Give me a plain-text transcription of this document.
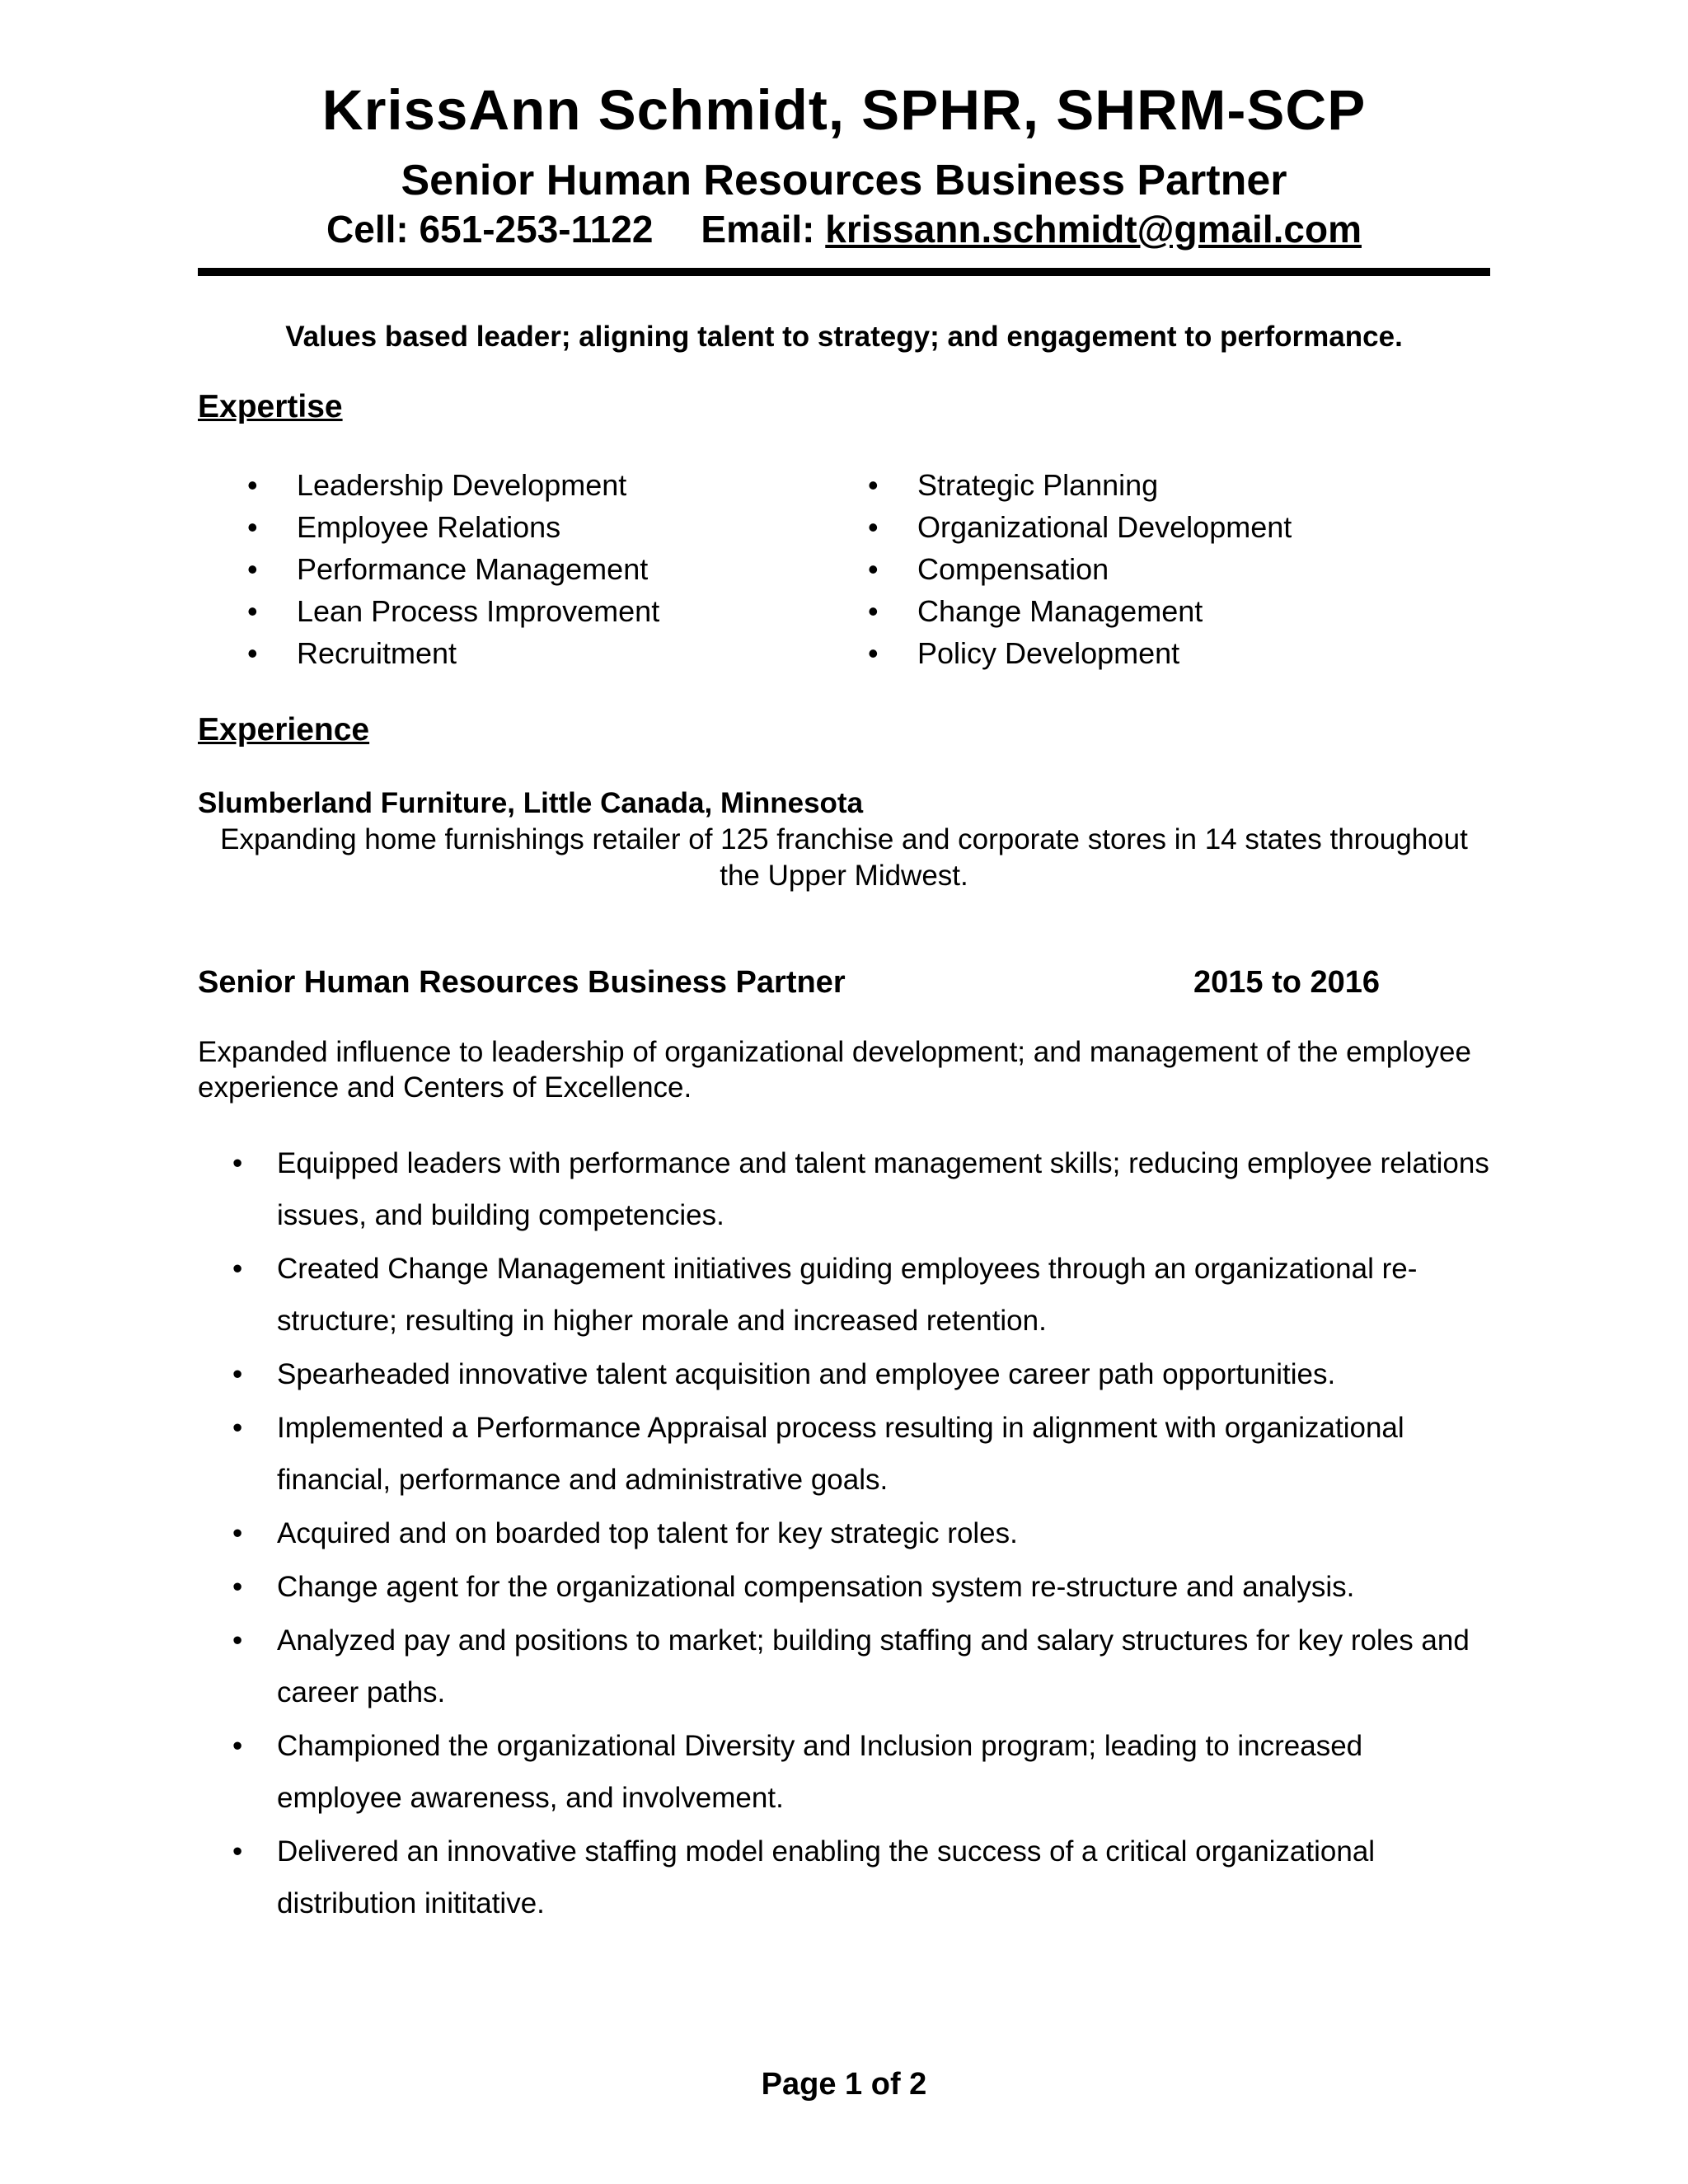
KrissAnn Schmidt, SPHR, SHRM-SCP
Senior Human Resources Business Partner
Cell: 651-253-1122 Email: krissann.schmidt@gmail.com
Values based leader; aligning talent to strategy; and engagement to performance.
Expertise
• Leadership Development
• Employee Relations
• Performance Management
• Lean Process Improvement
• Recruitment
• Strategic Planning
• Organizational Development
• Compensation
• Change Management
• Policy Development
Experience
Slumberland Furniture, Little Canada, Minnesota
Expanding home furnishings retailer of 125 franchise and corporate stores in 14 states throughout the Upper Midwest.
Senior Human Resources Business Partner	2015 to 2016
Expanded influence to leadership of organizational development; and management of the employee experience and Centers of Excellence.
• Equipped leaders with performance and talent management skills; reducing employee relations issues, and building competencies.
• Created Change Management initiatives guiding employees through an organizational re-structure; resulting in higher morale and increased retention.
• Spearheaded innovative talent acquisition and employee career path opportunities.
• Implemented a Performance Appraisal process resulting in alignment with organizational financial, performance and administrative goals.
• Acquired and on boarded top talent for key strategic roles.
• Change agent for the organizational compensation system re-structure and analysis.
• Analyzed pay and positions to market; building staffing and salary structures for key roles and career paths.
• Championed the organizational Diversity and Inclusion program; leading to increased employee awareness, and involvement.
• Delivered an innovative staffing model enabling the success of a critical organizational distribution inititative.
Page 1 of 2
